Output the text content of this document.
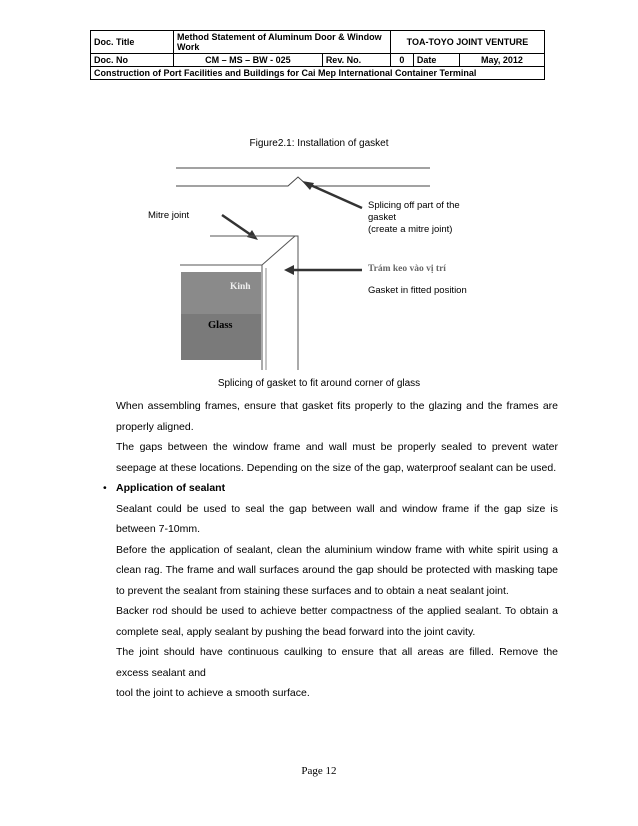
Doc. Title	Method Statement of Aluminum Door & Window Work		TOA-TOYO JOINT VENTURE		
Doc. No	CM – MS – BW - 025	Rev. No.	0	Date	May, 2012
Construction of Port Facilities and Buildings for Cai Mep International Container Terminal					
Figure2.1: Installation of gasket
Mitre joint
Splicing off part of the
gasket
(create a mitre joint)
Trám keo vào vị trí
Gasket in fitted position
Kinh
Glass
Splicing of gasket to fit around corner of glass

When assembling frames, ensure that gasket fits properly to the glazing and the frames are properly aligned.

The gaps between the window frame and wall must be properly sealed to prevent water seepage at these locations. Depending on the size of the gap, waterproof sealant can be used.

• Application of sealant

Sealant could be used to seal the gap between wall and window frame if the gap size is between 7-10mm.

Before the application of sealant, clean the aluminium window frame with white spirit using a clean rag. The frame and wall surfaces around the gap should be protected with masking tape to prevent the sealant from staining these surfaces and to obtain a neat sealant joint.

Backer rod should be used to achieve better compactness of the applied sealant. To obtain a complete seal, apply sealant by pushing the bead forward into the joint cavity.

The joint should have continuous caulking to ensure that all areas are filled. Remove the excess sealant and

tool the joint to achieve a smooth surface.

Page 12
